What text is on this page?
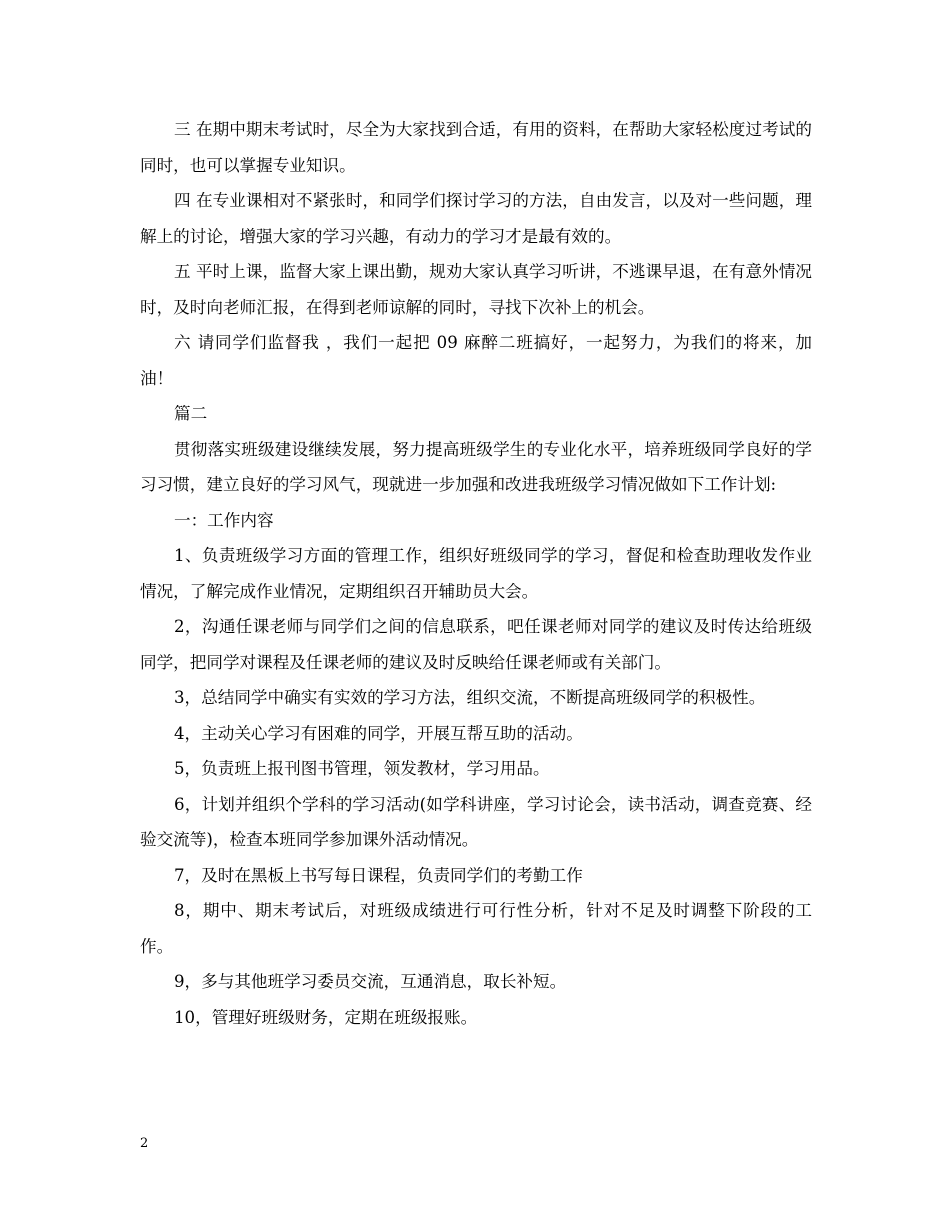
三 在期中期末考试时，尽全为大家找到合适，有用的资料，在帮助大家轻松度过考试的同时，也可以掌握专业知识。

四 在专业课相对不紧张时，和同学们探讨学习的方法，自由发言，以及对一些问题，理解上的讨论，增强大家的学习兴趣，有动力的学习才是最有效的。

五 平时上课，监督大家上课出勤，规劝大家认真学习听讲，不逃课早退，在有意外情况时，及时向老师汇报，在得到老师谅解的同时，寻找下次补上的机会。

六 请同学们监督我 ，我们一起把 09 麻醉二班搞好，一起努力，为我们的将来，加油！

篇二

贯彻落实班级建设继续发展，努力提高班级学生的专业化水平，培养班级同学良好的学习习惯，建立良好的学习风气，现就进一步加强和改进我班级学习情况做如下工作计划:

一：工作内容

1、负责班级学习方面的管理工作，组织好班级同学的学习，督促和检查助理收发作业情况，了解完成作业情况，定期组织召开辅助员大会。

2，沟通任课老师与同学们之间的信息联系，吧任课老师对同学的建议及时传达给班级同学，把同学对课程及任课老师的建议及时反映给任课老师或有关部门。

3，总结同学中确实有实效的学习方法，组织交流，不断提高班级同学的积极性。

4，主动关心学习有困难的同学，开展互帮互助的活动。

5，负责班上报刊图书管理，领发教材，学习用品。

6，计划并组织个学科的学习活动(如学科讲座，学习讨论会，读书活动，调查竞赛、经验交流等)，检查本班同学参加课外活动情况。

7，及时在黑板上书写每日课程，负责同学们的考勤工作

8，期中、期末考试后，对班级成绩进行可行性分析，针对不足及时调整下阶段的工作。

9，多与其他班学习委员交流，互通消息，取长补短。

10，管理好班级财务，定期在班级报账。

2
